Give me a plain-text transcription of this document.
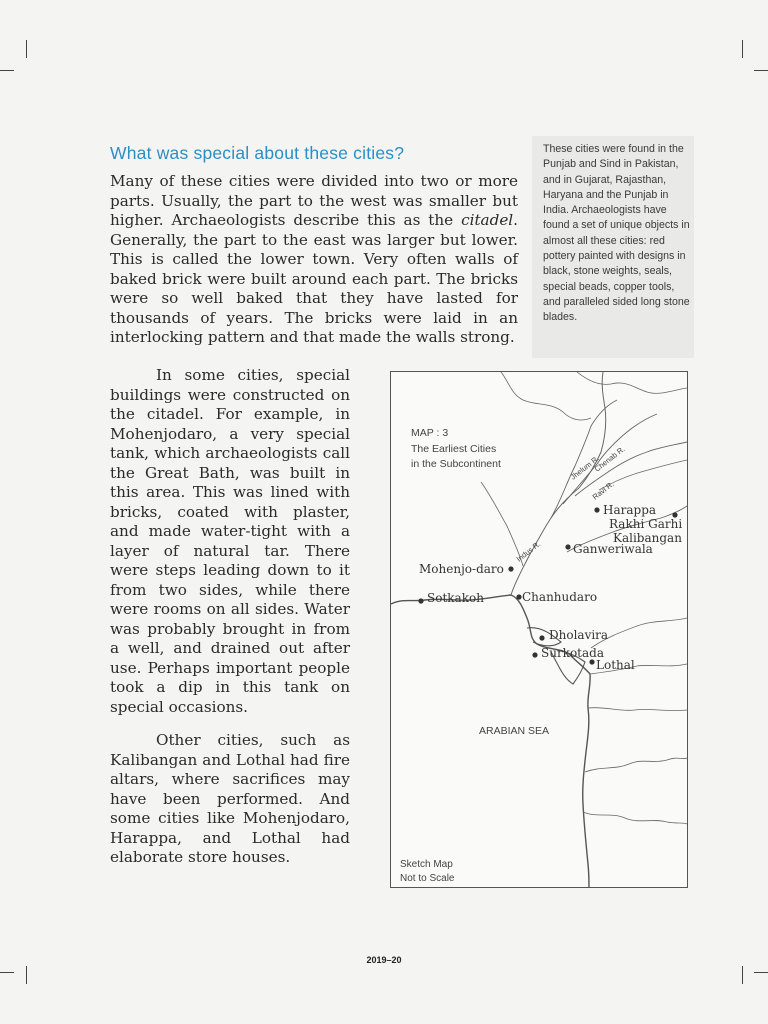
What was special about these cities?	These cities were found in the Punjab and Sind in Pakistan, and in Gujarat, Rajasthan, Haryana and the Punjab in India. Archaeologists have found a set of unique objects in almost all these cities: red pottery painted with designs in black, stone weights, seals, special beads, copper tools, and paralleled sided long stone blades.

Many of these cities were divided into two or more parts. Usually, the part to the west was smaller but higher. Archaeologists describe this as the citadel. Generally, the part to the east was larger but lower. This is called the lower town. Very often walls of baked brick were built around each part. The bricks were so well baked that they have lasted for thousands of years. The bricks were laid in an interlocking pattern and that made the walls strong.

In some cities, special buildings were constructed on the citadel. For example, in Mohenjodaro, a very special tank, which archaeologists call the Great Bath, was built in this area. This was lined with bricks, coated with plaster, and made water-tight with a layer of natural tar. There were steps leading down to it from two sides, while there were rooms on all sides. Water was probably brought in from a well, and drained out after use. Perhaps important people took a dip in this tank on special occasions.

Other cities, such as Kalibangan and Lothal had fire altars, where sacrifices may have been performed. And some cities like Mohenjodaro, Harappa, and Lothal had elaborate store houses.

MAP : 3
The Earliest Cities
in the Subcontinent	Jhelum R.
Chenab R.
Ravi R.
Indus R.
Harappa
Rakhi Garhi
Kalibangan
Ganweriwala
Mohenjo-daro
Sotkakoh	Chanhudaro
Dholavira
Surkotada
Lothal
ARABIAN SEA
Sketch Map
Not to Scale
2019–20
